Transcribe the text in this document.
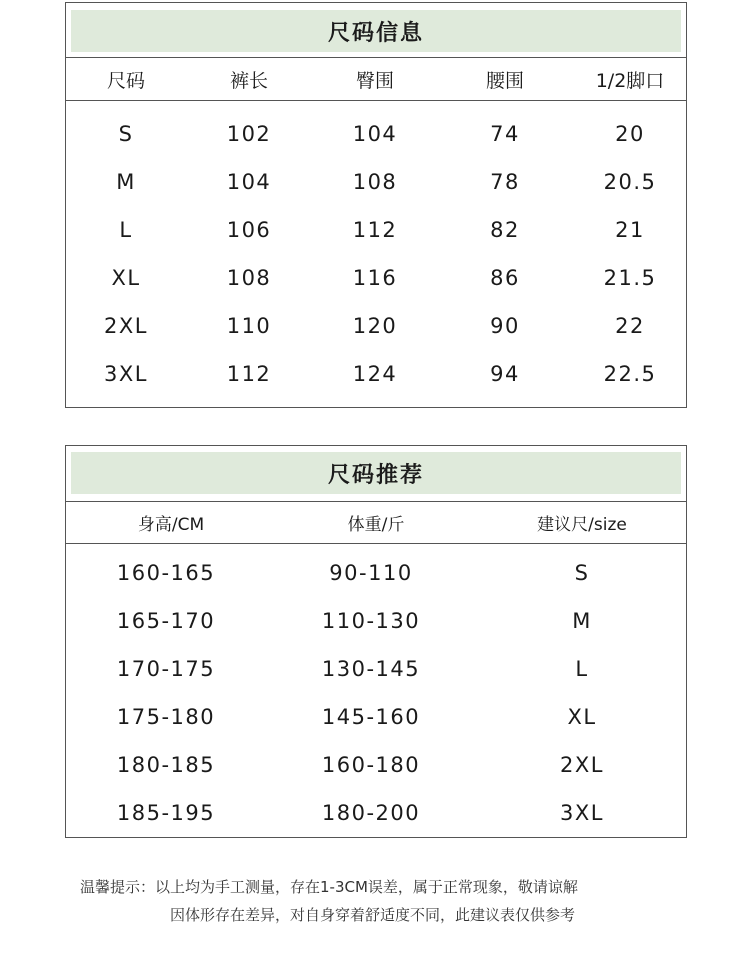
尺码信息
尺码	裤长	臀围	腰围	1/2脚口
S	102	104	74	20
M	104	108	78	20.5
L	106	112	82	21
XL	108	116	86	21.5
2XL	110	120	90	22
3XL	112	124	94	22.5
尺码推荐
身高/CM	体重/斤	建议尺/size
160-165	90-110	S
165-170	110-130	M
170-175	130-145	L
175-180	145-160	XL
180-185	160-180	2XL
185-195	180-200	3XL
温馨提示：以上均为手工测量，存在1-3CM误差，属于正常现象，敬请谅解
因体形存在差异，对自身穿着舒适度不同，此建议表仅供参考
